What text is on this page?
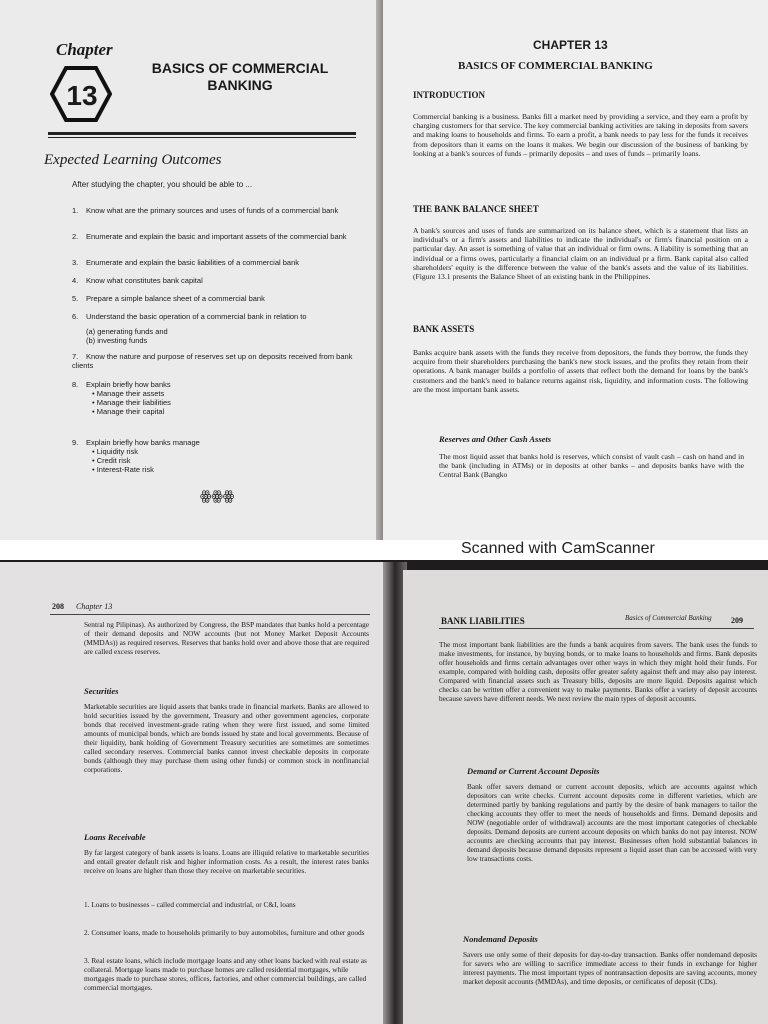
Chapter
13
BASICS OF COMMERCIAL
BANKING
Expected Learning Outcomes
After studying the chapter, you should be able to ...
1. Know what are the primary sources and uses of funds of a commercial bank
2. Enumerate and explain the basic and important assets of the commercial bank
3. Enumerate and explain the basic liabilities of a commercial bank
4. Know what constitutes bank capital
5. Prepare a simple balance sheet of a commercial bank
6. Understand the basic operation of a commercial bank in relation to
(a) generating funds and
(b) investing funds
7. Know the nature and purpose of reserves set up on deposits received from bank clients
8. Explain briefly how banks
• Manage their assets
• Manage their liabilities
• Manage their capital
9. Explain briefly how banks manage
• Liquidity risk
• Credit risk
• Interest-Rate risk
ꙮꙮꙮ
CHAPTER 13
BASICS OF COMMERCIAL BANKING
INTRODUCTION
Commercial banking is a business. Banks fill a market need by providing a service, and they earn a profit by charging customers for that service. The key commercial banking activities are taking in deposits from savers and making loans to households and firms. To earn a profit, a bank needs to pay less for the funds it receives from depositors than it earns on the loans it makes. We begin our discussion of the business of banking by looking at a bank's sources of funds – primarily deposits – and uses of funds – primarily loans.
THE BANK BALANCE SHEET
A bank's sources and uses of funds are summarized on its balance sheet, which is a statement that lists an individual's or a firm's assets and liabilities to indicate the individual's or firm's financial position on a particular day. An asset is something of value that an individual or firm owns. A liability is something that an individual or a firms owes, particularly a financial claim on an individual pr a firm. Bank capital also called shareholders' equity is the difference between the value of the bank's assets and the value of its liabilities. (Figure 13.1 presents the Balance Sheet of an existing bank in the Philippines.
BANK ASSETS
Banks acquire bank assets with the funds they receive from depositors, the funds they borrow, the funds they acquire from their shareholders purchasing the bank's new stock issues, and the profits they retain from their operations. A bank manager builds a portfolio of assets that reflect both the demand for loans by the bank's customers and the bank's need to balance returns against risk, liquidity, and information costs. The following are the most important bank assets.
Reserves and Other Cash Assets
The most liquid asset that banks hold is reserves, which consist of vault cash – cash on hand and in the bank (including in ATMs) or in deposits at other banks – and deposits banks have with the Central Bank (Bangko
Scanned with CamScanner
208 Chapter 13
Sentral ng Pilipinas). As authorized by Congress, the BSP mandates that banks hold a percentage of their demand deposits and NOW accounts (but not Money Market Deposit Accounts (MMDAs)) as required reserves. Reserves that banks hold over and above those that are required are called excess reserves.
Securities
Marketable securities are liquid assets that banks trade in financial markets. Banks are allowed to hold securities issued by the government, Treasury and other government agencies, corporate bonds that received investment-grade rating when they were first issued, and some limited amounts of municipal bonds, which are bonds issued by state and local governments. Because of their liquidity, bank holding of Government Treasury securities are sometimes are sometimes called secondary reserves. Commercial banks cannot invest checkable deposits in corporate bonds (although they may purchase them using other funds) or common stock in nonfinancial corporations.
Loans Receivable
By far largest category of bank assets is loans. Loans are illiquid relative to marketable securities and entail greater default risk and higher information costs. As a result, the interest rates banks receive on loans are higher than those they receive on marketable securities.
1. Loans to businesses – called commercial and industrial, or C&I, loans
2. Consumer loans, made to households primarily to buy automobiles, furniture and other goods
3. Real estate loans, which include mortgage loans and any other loans backed with real estate as collateral. Mortgage loans made to purchase homes are called residential mortgages, while mortgages made to purchase stores, offices, factories, and other commercial buildings, are called commercial mortgages.
BANK LIABILITIES	Basics of Commercial Banking 209
The most important bank liabilities are the funds a bank acquires from savers. The bank uses the funds to make investments, for instance, by buying bonds, or to make loans to households and firms. Bank deposits offer households and firms certain advantages over other ways in which they might hold their funds. For example, compared with holding cash, deposits offer greater safety against theft and may also pay interest. Compared with financial assets such as Treasury bills, deposits are more liquid. Deposits against which checks can be written offer a convenient way to make payments. Banks offer a variety of deposit accounts because savers have different needs. We next review the main types of deposit accounts.
Demand or Current Account Deposits
Bank offer savers demand or current account deposits, which are accounts against which depositors can write checks. Current account deposits come in different varieties, which are determined partly by banking regulations and partly by the desire of bank managers to tailor the checking accounts they offer to meet the needs of households and firms. Demand deposits and NOW (negotiable order of withdrawal) accounts are the most important categories of checkable deposits. Demand deposits are current account deposits on which banks do not pay interest. NOW accounts are checking accounts that pay interest. Businesses often hold substantial balances in demand deposits because demand deposits represent a liquid asset than can be accessed with very low transactions costs.
Nondemand Deposits
Savers use only some of their deposits for day-to-day transaction. Banks offer nondemand deposits for savers who are willing to sacrifice immediate access to their funds in exchange for higher interest payments. The most important types of nontransaction deposits are saving accounts, money market deposit accounts (MMDAs), and time deposits, or certificates of deposit (CDs).
